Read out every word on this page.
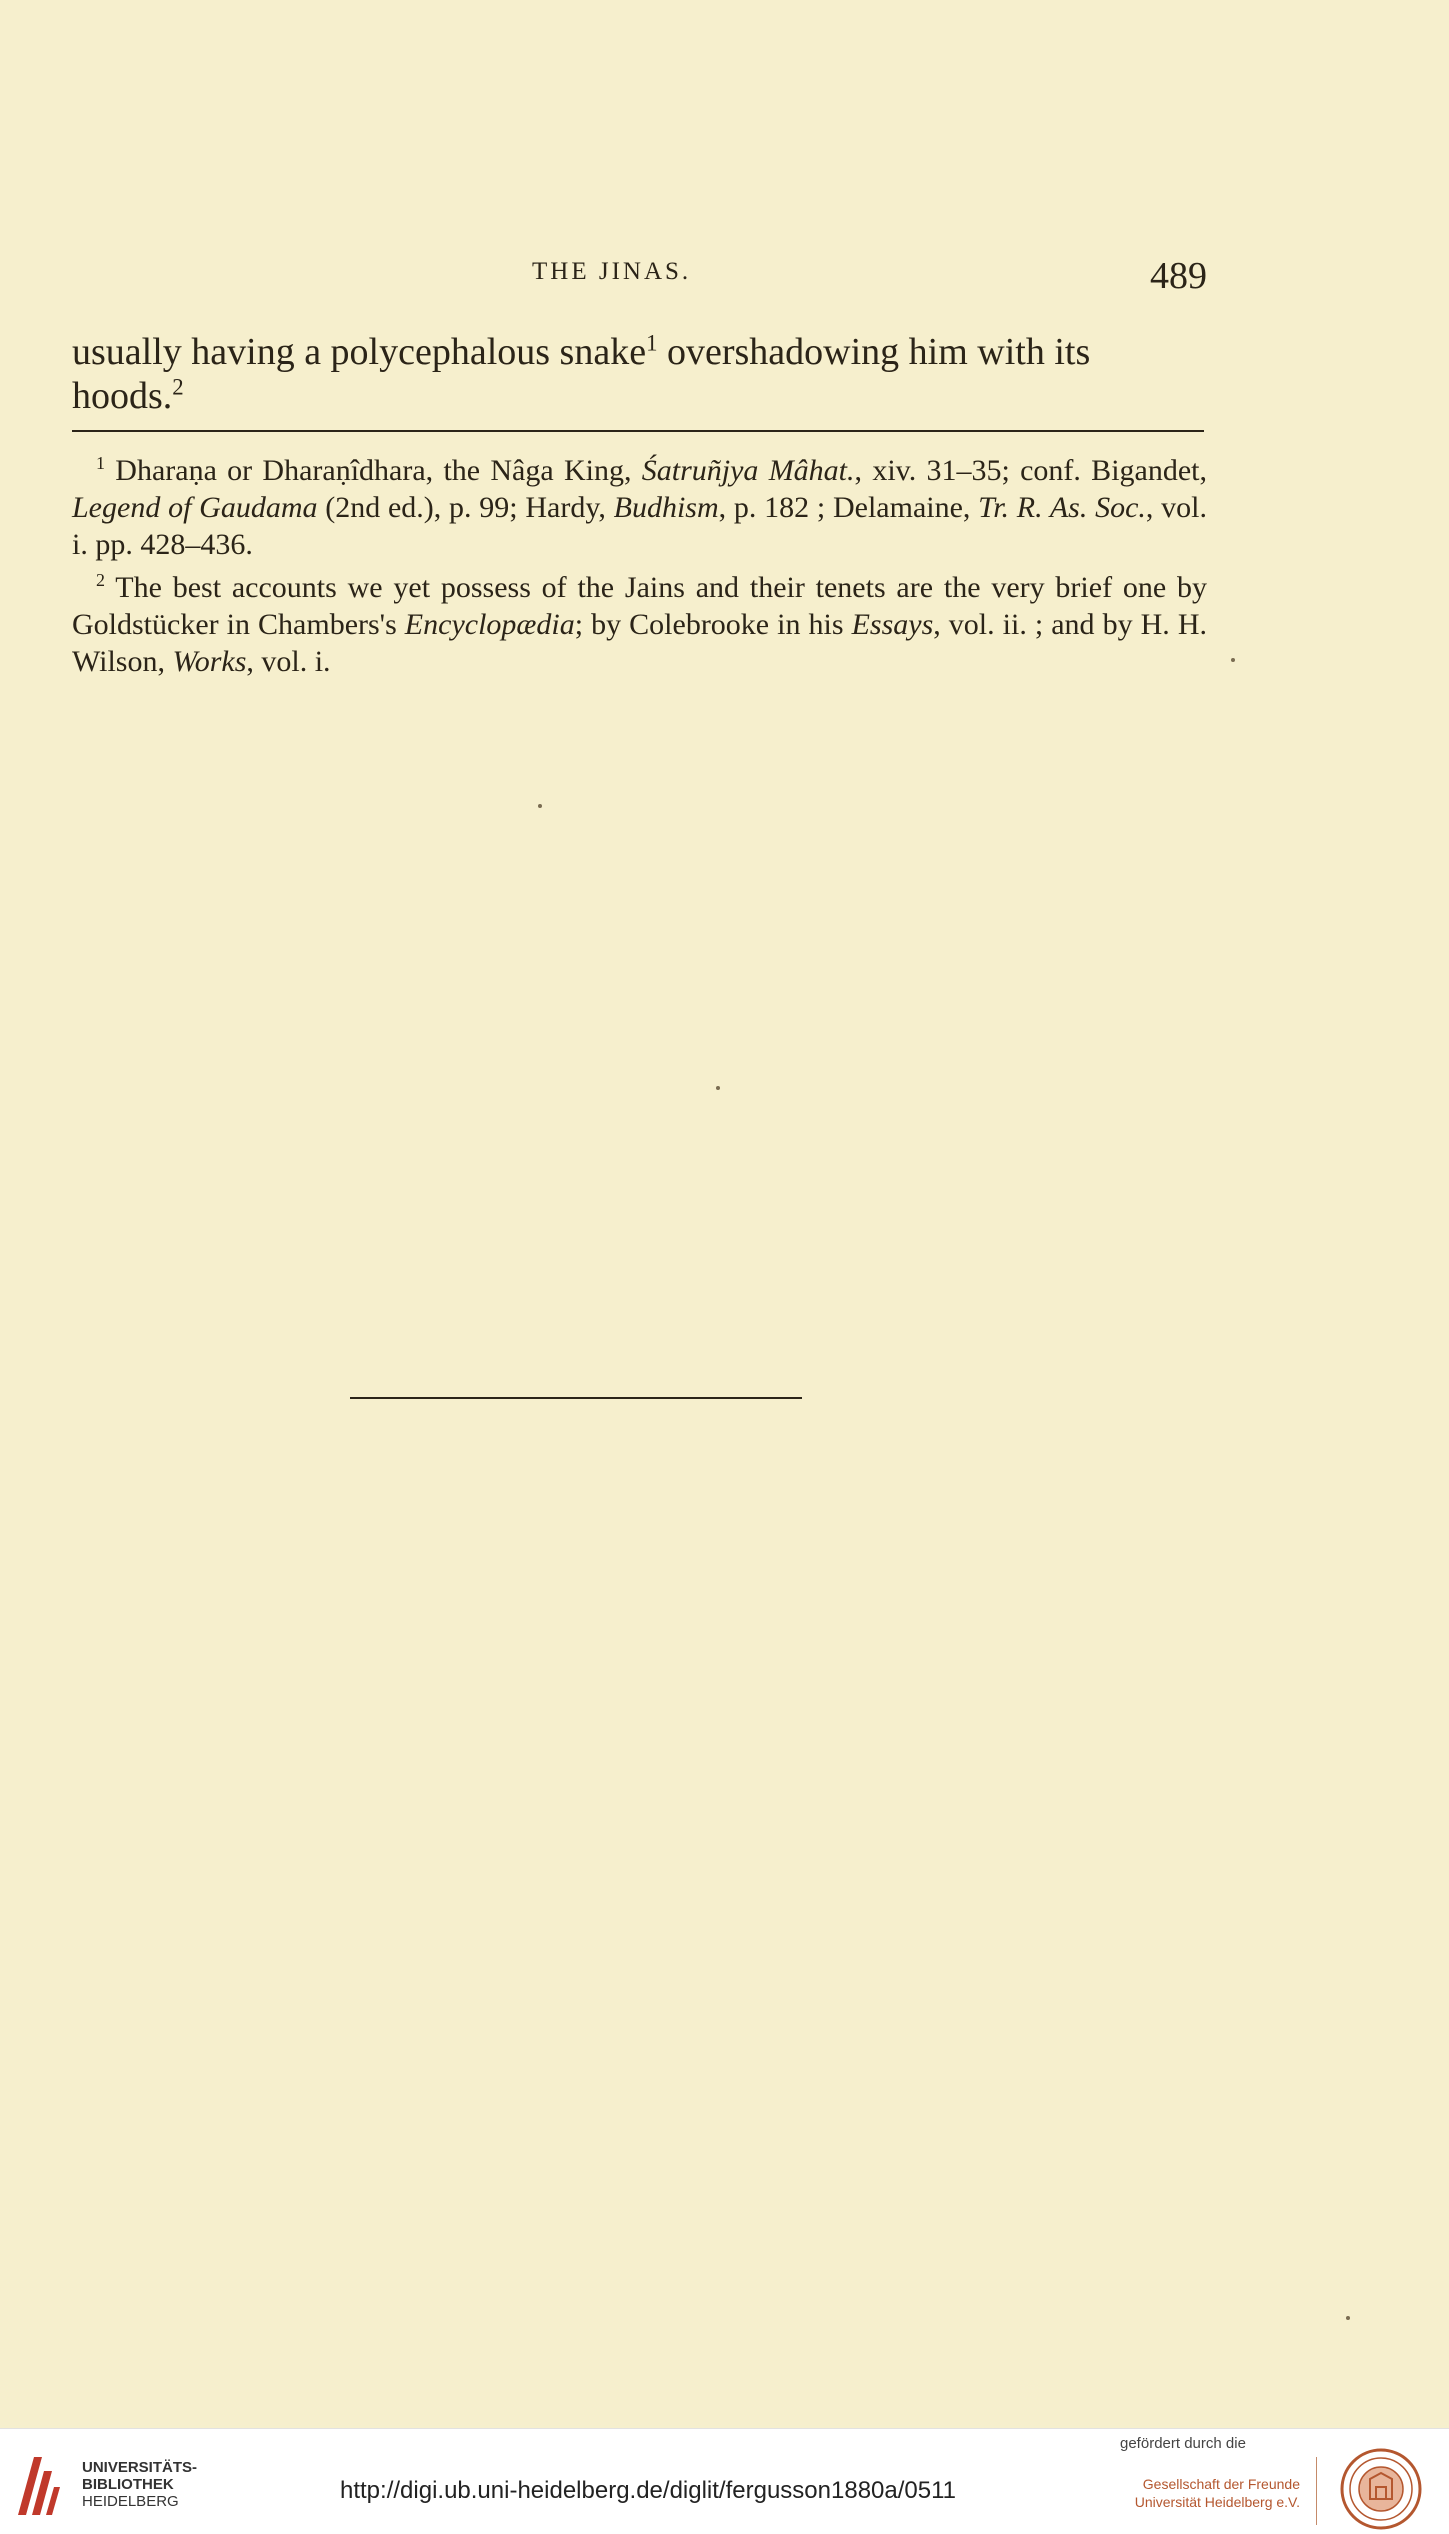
THE JINAS.	489

usually having a polycephalous snake$^1$ overshadowing him with its

hoods.$^2$

$^1$ Dharaṇa or Dharaṇîdhara, the Nâga King, Śatruñjya Mâhat., xiv. 31–35; conf. Bigandet, Legend of Gaudama (2nd ed.), p. 99; Hardy, Budhism, p. 182 ; Delamaine, Tr. R. As. Soc., vol. i. pp. 428–436.

$^2$ The best accounts we yet possess of the Jains and their tenets are the very brief one by Goldstücker in Chambers's Encyclopædia; by Colebrooke in his Essays, vol. ii. ; and by H. H. Wilson, Works, vol. i.

UNIVERSITÄTS-
BIBLIOTHEK
HEIDELBERG	http://digi.ub.uni-heidelberg.de/diglit/fergusson1880a/0511
gefördert durch die
Gesellschaft der Freunde
Universität Heidelberg e.V.
